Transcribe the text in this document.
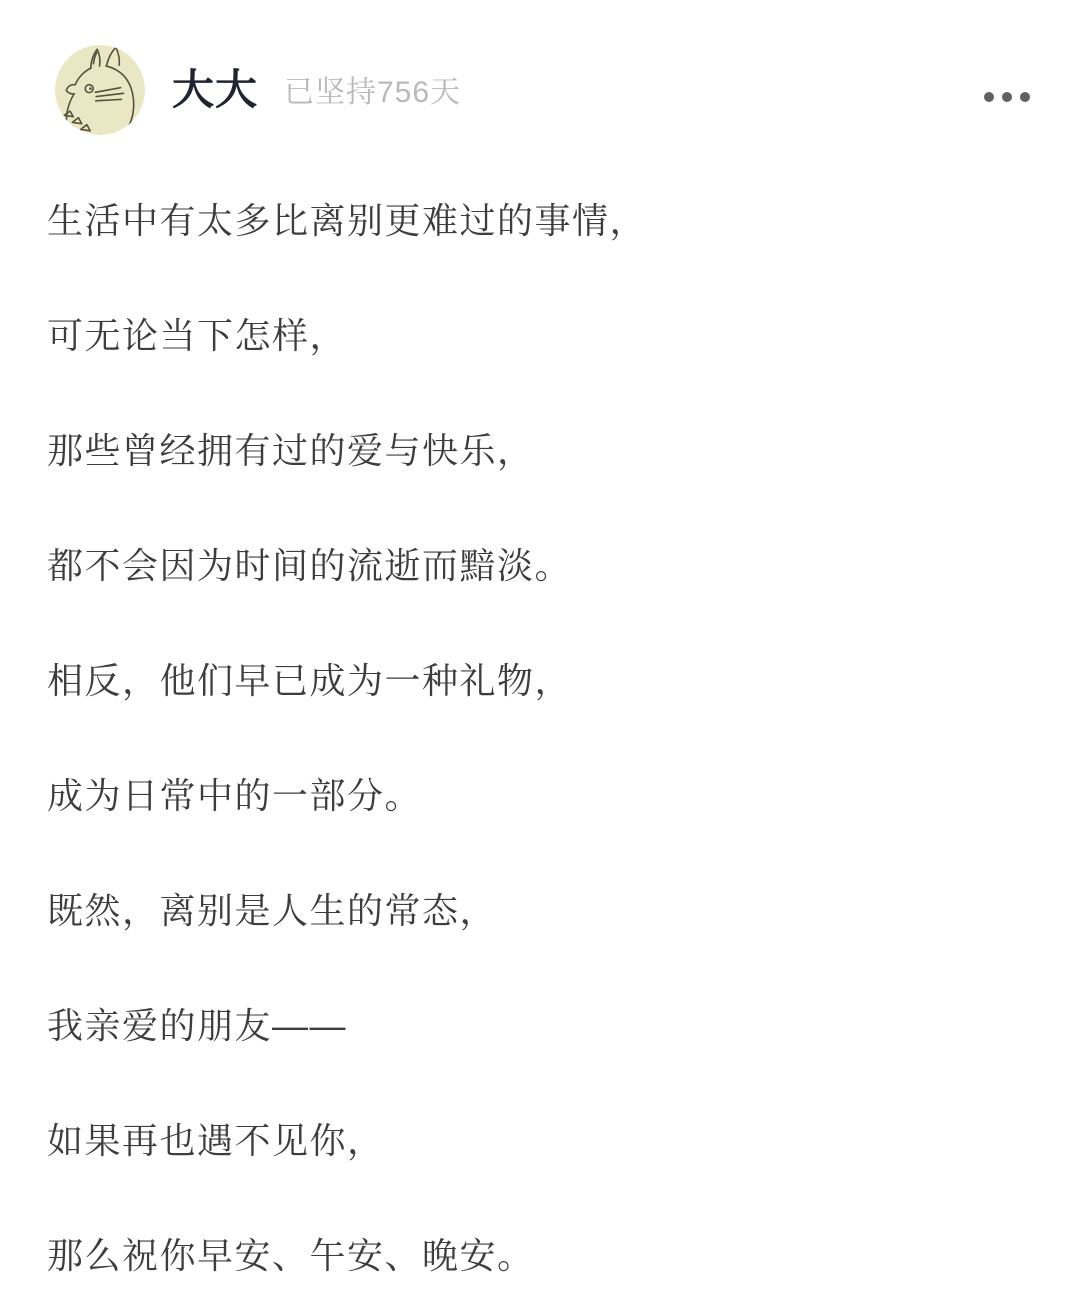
大大 已坚持756天

生活中有太多比离别更难过的事情，

可无论当下怎样，

那些曾经拥有过的爱与快乐，

都不会因为时间的流逝而黯淡。

相反，他们早已成为一种礼物，

成为日常中的一部分。

既然，离别是人生的常态，

我亲爱的朋友——

如果再也遇不见你，

那么祝你早安、午安、晚安。
